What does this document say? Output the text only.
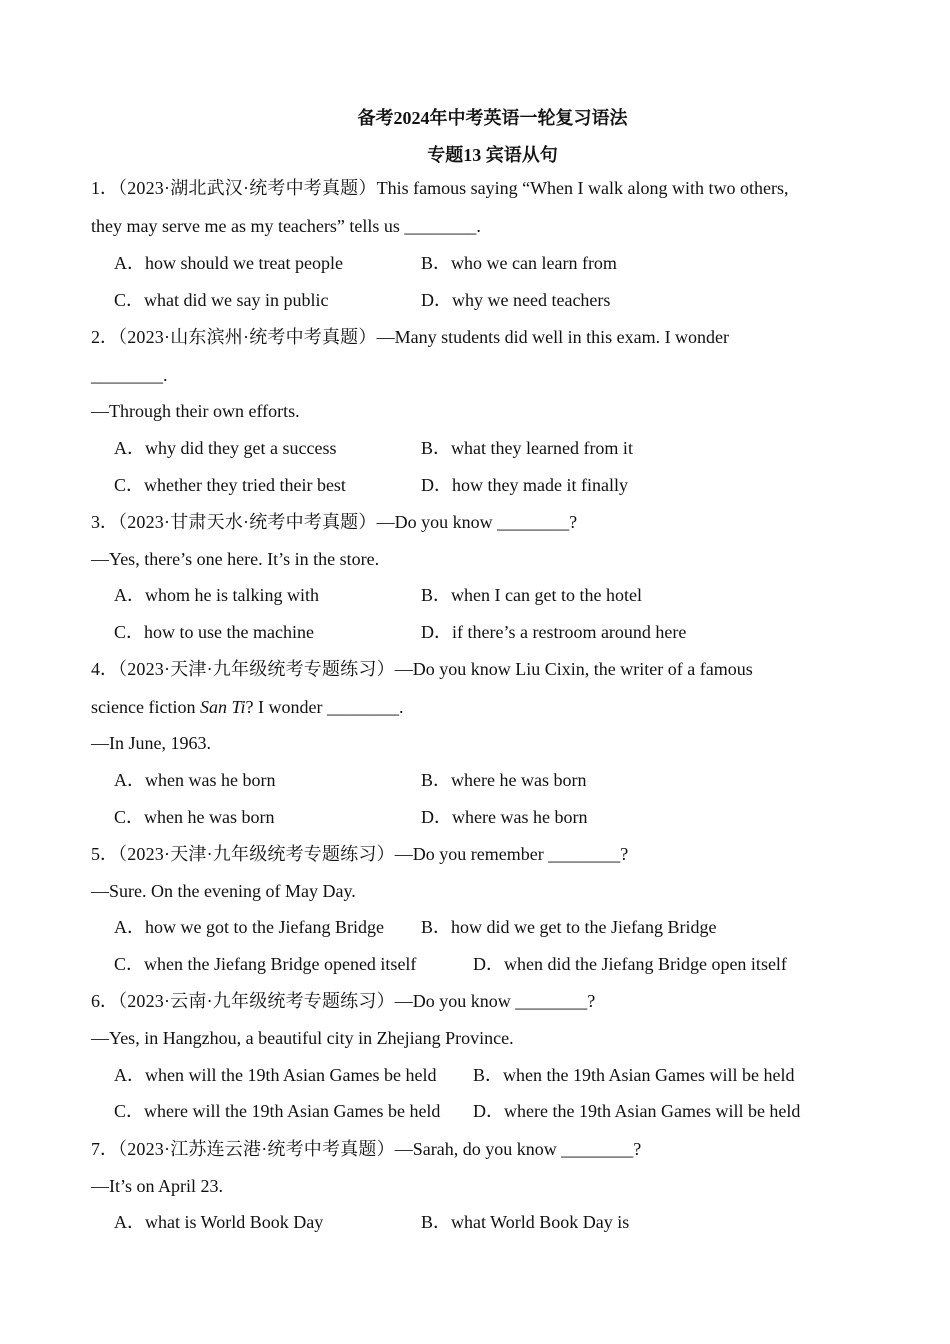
备考2024年中考英语一轮复习语法
专题13 宾语从句
1．（2023·湖北武汉·统考中考真题）This famous saying “When I walk along with two others,
they may serve me as my teachers” tells us ________.
A．how should we treat people	B．who we can learn from
C．what did we say in public	D．why we need teachers
2．（2023·山东滨州·统考中考真题）—Many students did well in this exam. I wonder
________.
—Through their own efforts.
A．why did they get a success	B．what they learned from it
C．whether they tried their best	D．how they made it finally
3．（2023·甘肃天水·统考中考真题）—Do you know ________?
—Yes, there’s one here. It’s in the store.
A．whom he is talking with	B．when I can get to the hotel
C．how to use the machine	D．if there’s a restroom around here
4．（2023·天津·九年级统考专题练习）—Do you know Liu Cixin, the writer of a famous
science fiction San Ti? I wonder ________.
—In June, 1963.
A．when was he born	B．where he was born
C．when he was born	D．where was he born
5．（2023·天津·九年级统考专题练习）—Do you remember ________?
—Sure. On the evening of May Day.
A．how we got to the Jiefang Bridge B．how did we get to the Jiefang Bridge
C．when the Jiefang Bridge opened itself	D．when did the Jiefang Bridge open itself
6．（2023·云南·九年级统考专题练习）—Do you know ________?
—Yes, in Hangzhou, a beautiful city in Zhejiang Province.
A．when will the 19th Asian Games be held B．when the 19th Asian Games will be held
C．where will the 19th Asian Games be held D．where the 19th Asian Games will be held
7．（2023·江苏连云港·统考中考真题）—Sarah, do you know ________?
—It’s on April 23.
A．what is World Book Day	B．what World Book Day is
